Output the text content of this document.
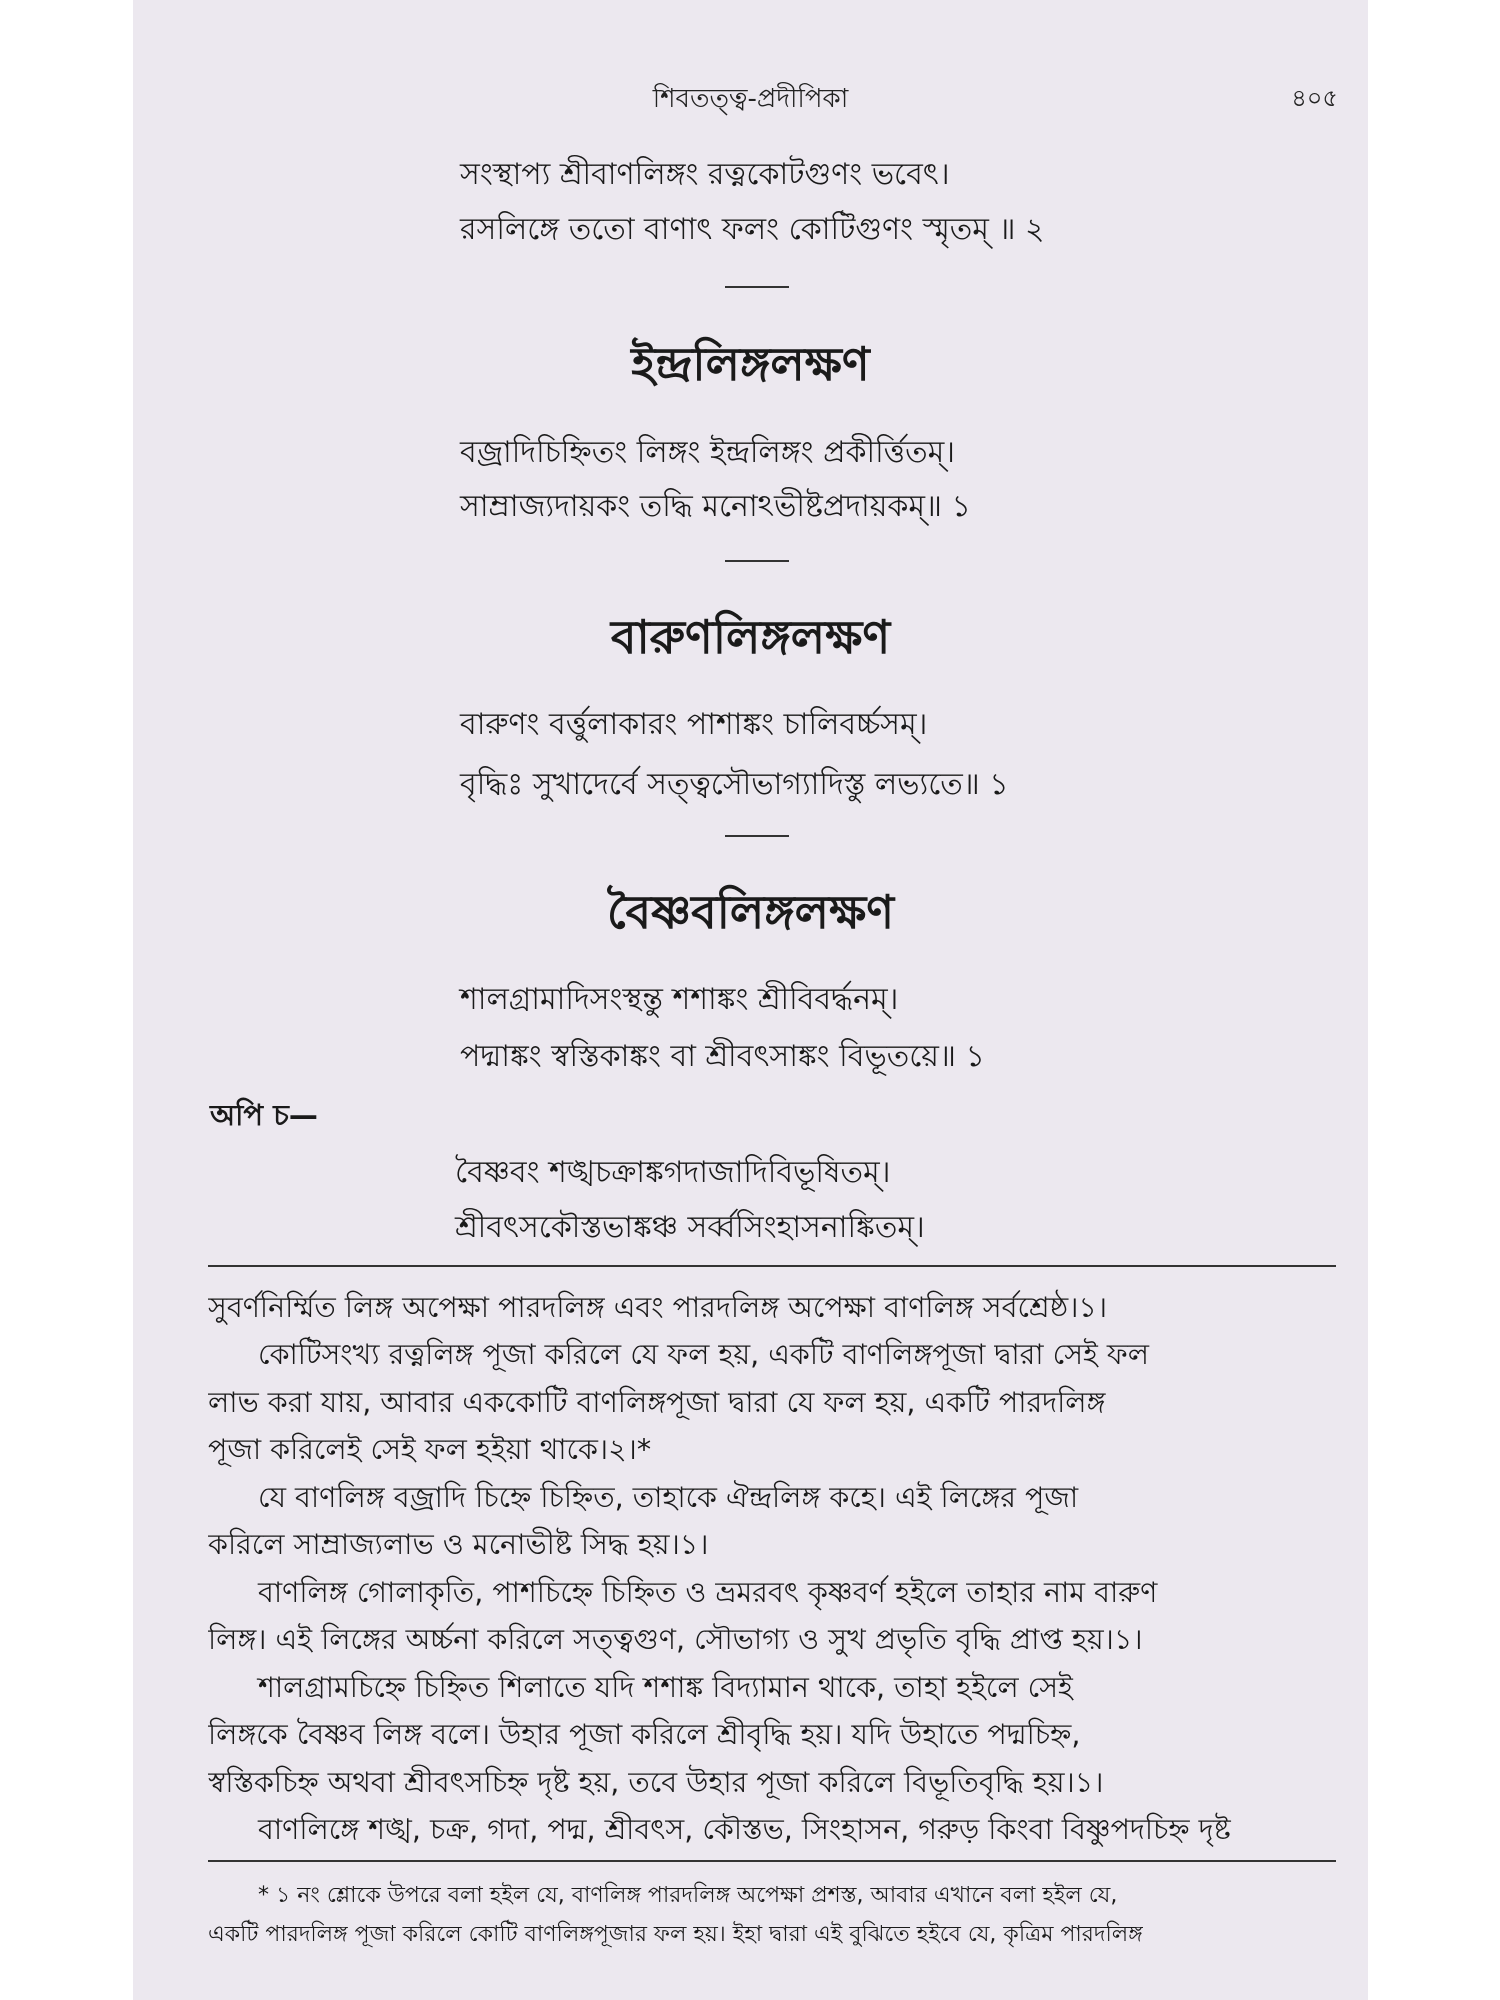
শিবতত্ত্ব-প্রদীপিকা	৪০৫
সংস্থাপ্য শ্রীবাণলিঙ্গং রত্নকোটগুণং ভবেৎ।
রসলিঙ্গে ততো বাণাৎ ফলং কোটিগুণং স্মৃতম্ ॥ ২
ইন্দ্রলিঙ্গলক্ষণ
বজ্রাদিচিহ্নিতং লিঙ্গং ইন্দ্রলিঙ্গং প্রকীর্ত্তিতম্।
সাম্রাজ্যদায়কং তদ্ধি মনোঽভীষ্টপ্রদায়কম্॥ ১
বারুণলিঙ্গলক্ষণ
বারুণং বর্ত্তুলাকারং পাশাঙ্কং চালিবর্চ্চসম্।
বৃদ্ধিঃ সুখাদেৰ্বে সত্ত্বসৌভাগ্যাদিস্তু লভ্যতে॥ ১
বৈষ্ণবলিঙ্গলক্ষণ
শালগ্রামাদিসংস্থন্তু শশাঙ্কং শ্রীবিবর্দ্ধনম্।
পদ্মাঙ্কং স্বস্তিকাঙ্কং বা শ্রীবৎসাঙ্কং বিভূতয়ে॥ ১
অপি চ—
বৈষ্ণবং শঙ্খচক্রাঙ্কগদাজাদিবিভূষিতম্।
শ্রীবৎসকৌস্তভাঙ্কঞ্চ সর্ব্বসিংহাসনাঙ্কিতম্।
সুবর্ণনির্ম্মিত লিঙ্গ অপেক্ষা পারদলিঙ্গ এবং পারদলিঙ্গ অপেক্ষা বাণলিঙ্গ সর্বশ্রেষ্ঠ।১।
কোটিসংখ্য রত্নলিঙ্গ পূজা করিলে যে ফল হয়, একটি বাণলিঙ্গপূজা দ্বারা সেই ফল
লাভ করা যায়, আবার এককোটি বাণলিঙ্গপূজা দ্বারা যে ফল হয়, একটি পারদলিঙ্গ
পূজা করিলেই সেই ফল হইয়া থাকে।২।*
যে বাণলিঙ্গ বজ্রাদি চিহ্নে চিহ্নিত, তাহাকে ঐন্দ্রলিঙ্গ কহে। এই লিঙ্গের পূজা
করিলে সাম্রাজ্যলাভ ও মনোভীষ্ট সিদ্ধ হয়।১।
বাণলিঙ্গ গোলাকৃতি, পাশচিহ্নে চিহ্নিত ও ভ্রমরবৎ কৃষ্ণবর্ণ হইলে তাহার নাম বারুণ
লিঙ্গ। এই লিঙ্গের অর্চ্চনা করিলে সত্ত্বগুণ, সৌভাগ্য ও সুখ প্রভৃতি বৃদ্ধি প্রাপ্ত হয়।১।
শালগ্রামচিহ্নে চিহ্নিত শিলাতে যদি শশাঙ্ক বিদ্যামান থাকে, তাহা হইলে সেই
লিঙ্গকে বৈষ্ণব লিঙ্গ বলে। উহার পূজা করিলে শ্রীবৃদ্ধি হয়। যদি উহাতে পদ্মচিহ্ন,
স্বস্তিকচিহ্ন অথবা শ্রীবৎসচিহ্ন দৃষ্ট হয়, তবে উহার পূজা করিলে বিভূতিবৃদ্ধি হয়।১।
বাণলিঙ্গে শঙ্খ, চক্র, গদা, পদ্ম, শ্রীবৎস, কৌস্তভ, সিংহাসন, গরুড় কিংবা বিষ্ণুপদচিহ্ন দৃষ্ট
* ১ নং শ্লোকে উপরে বলা হইল যে, বাণলিঙ্গ পারদলিঙ্গ অপেক্ষা প্রশস্ত, আবার এখানে বলা হইল যে,
একটি পারদলিঙ্গ পূজা করিলে কোটি বাণলিঙ্গপূজার ফল হয়। ইহা দ্বারা এই বুঝিতে হইবে যে, কৃত্রিম পারদলিঙ্গ
